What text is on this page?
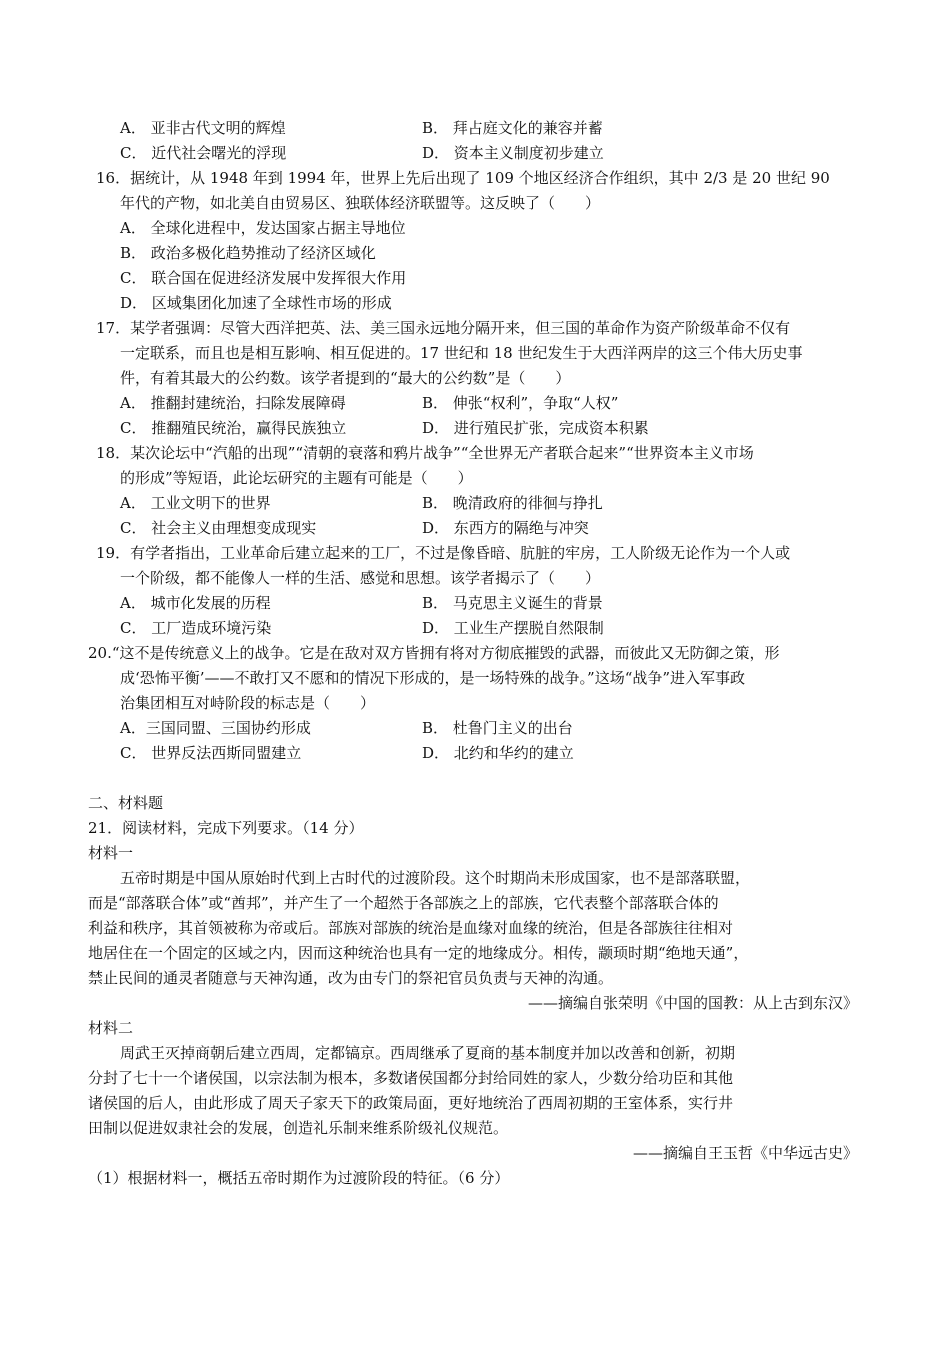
A． 亚非古代文明的辉煌	B． 拜占庭文化的兼容并蓄
C． 近代社会曙光的浮现	D． 资本主义制度初步建立
16．据统计，从 1948 年到 1994 年，世界上先后出现了 109 个地区经济合作组织，其中 2/3 是 20 世纪 90
年代的产物，如北美自由贸易区、独联体经济联盟等。这反映了（　　）
A． 全球化进程中，发达国家占据主导地位
B． 政治多极化趋势推动了经济区域化
C． 联合国在促进经济发展中发挥很大作用
D． 区域集团化加速了全球性市场的形成
17．某学者强调：尽管大西洋把英、法、美三国永远地分隔开来，但三国的革命作为资产阶级革命不仅有
一定联系，而且也是相互影响、相互促进的。17 世纪和 18 世纪发生于大西洋两岸的这三个伟大历史事
件，有着其最大的公约数。该学者提到的“最大的公约数”是（　　）
A． 推翻封建统治，扫除发展障碍	B． 伸张“权利”，争取“人权”
C． 推翻殖民统治，赢得民族独立	D． 进行殖民扩张，完成资本积累
18．某次论坛中“汽船的出现”“清朝的衰落和鸦片战争”“全世界无产者联合起来”“世界资本主义市场
的形成”等短语，此论坛研究的主题有可能是（　　）
A． 工业文明下的世界	B． 晚清政府的徘徊与挣扎
C． 社会主义由理想变成现实	D． 东西方的隔绝与冲突
19．有学者指出，工业革命后建立起来的工厂，不过是像昏暗、肮脏的牢房，工人阶级无论作为一个人或
一个阶级，都不能像人一样的生活、感觉和思想。该学者揭示了（　　）
A． 城市化发展的历程	B． 马克思主义诞生的背景
C． 工厂造成环境污染	D． 工业生产摆脱自然限制
20.“这不是传统意义上的战争。它是在敌对双方皆拥有将对方彻底摧毁的武器，而彼此又无防御之策，形
成‘恐怖平衡’——不敢打又不愿和的情况下形成的，是一场特殊的战争。”这场“战争”进入军事政
治集团相互对峙阶段的标志是（　　）
A．三国同盟、三国协约形成	B． 杜鲁门主义的出台
C． 世界反法西斯同盟建立	D． 北约和华约的建立
二、材料题
21．阅读材料，完成下列要求。（14 分）
材料一
五帝时期是中国从原始时代到上古时代的过渡阶段。这个时期尚未形成国家，也不是部落联盟，
而是“部落联合体”或“酋邦”，并产生了一个超然于各部族之上的部族，它代表整个部落联合体的
利益和秩序，其首领被称为帝或后。部族对部族的统治是血缘对血缘的统治，但是各部族往往相对
地居住在一个固定的区域之内，因而这种统治也具有一定的地缘成分。相传，颛顼时期“绝地天通”，
禁止民间的通灵者随意与天神沟通，改为由专门的祭祀官员负责与天神的沟通。
——摘编自张荣明《中国的国教：从上古到东汉》
材料二
周武王灭掉商朝后建立西周，定都镐京。西周继承了夏商的基本制度并加以改善和创新，初期
分封了七十一个诸侯国，以宗法制为根本，多数诸侯国都分封给同姓的家人，少数分给功臣和其他
诸侯国的后人，由此形成了周天子家天下的政策局面，更好地统治了西周初期的王室体系，实行井
田制以促进奴隶社会的发展，创造礼乐制来维系阶级礼仪规范。
——摘编自王玉哲《中华远古史》
（1）根据材料一，概括五帝时期作为过渡阶段的特征。（6 分）
